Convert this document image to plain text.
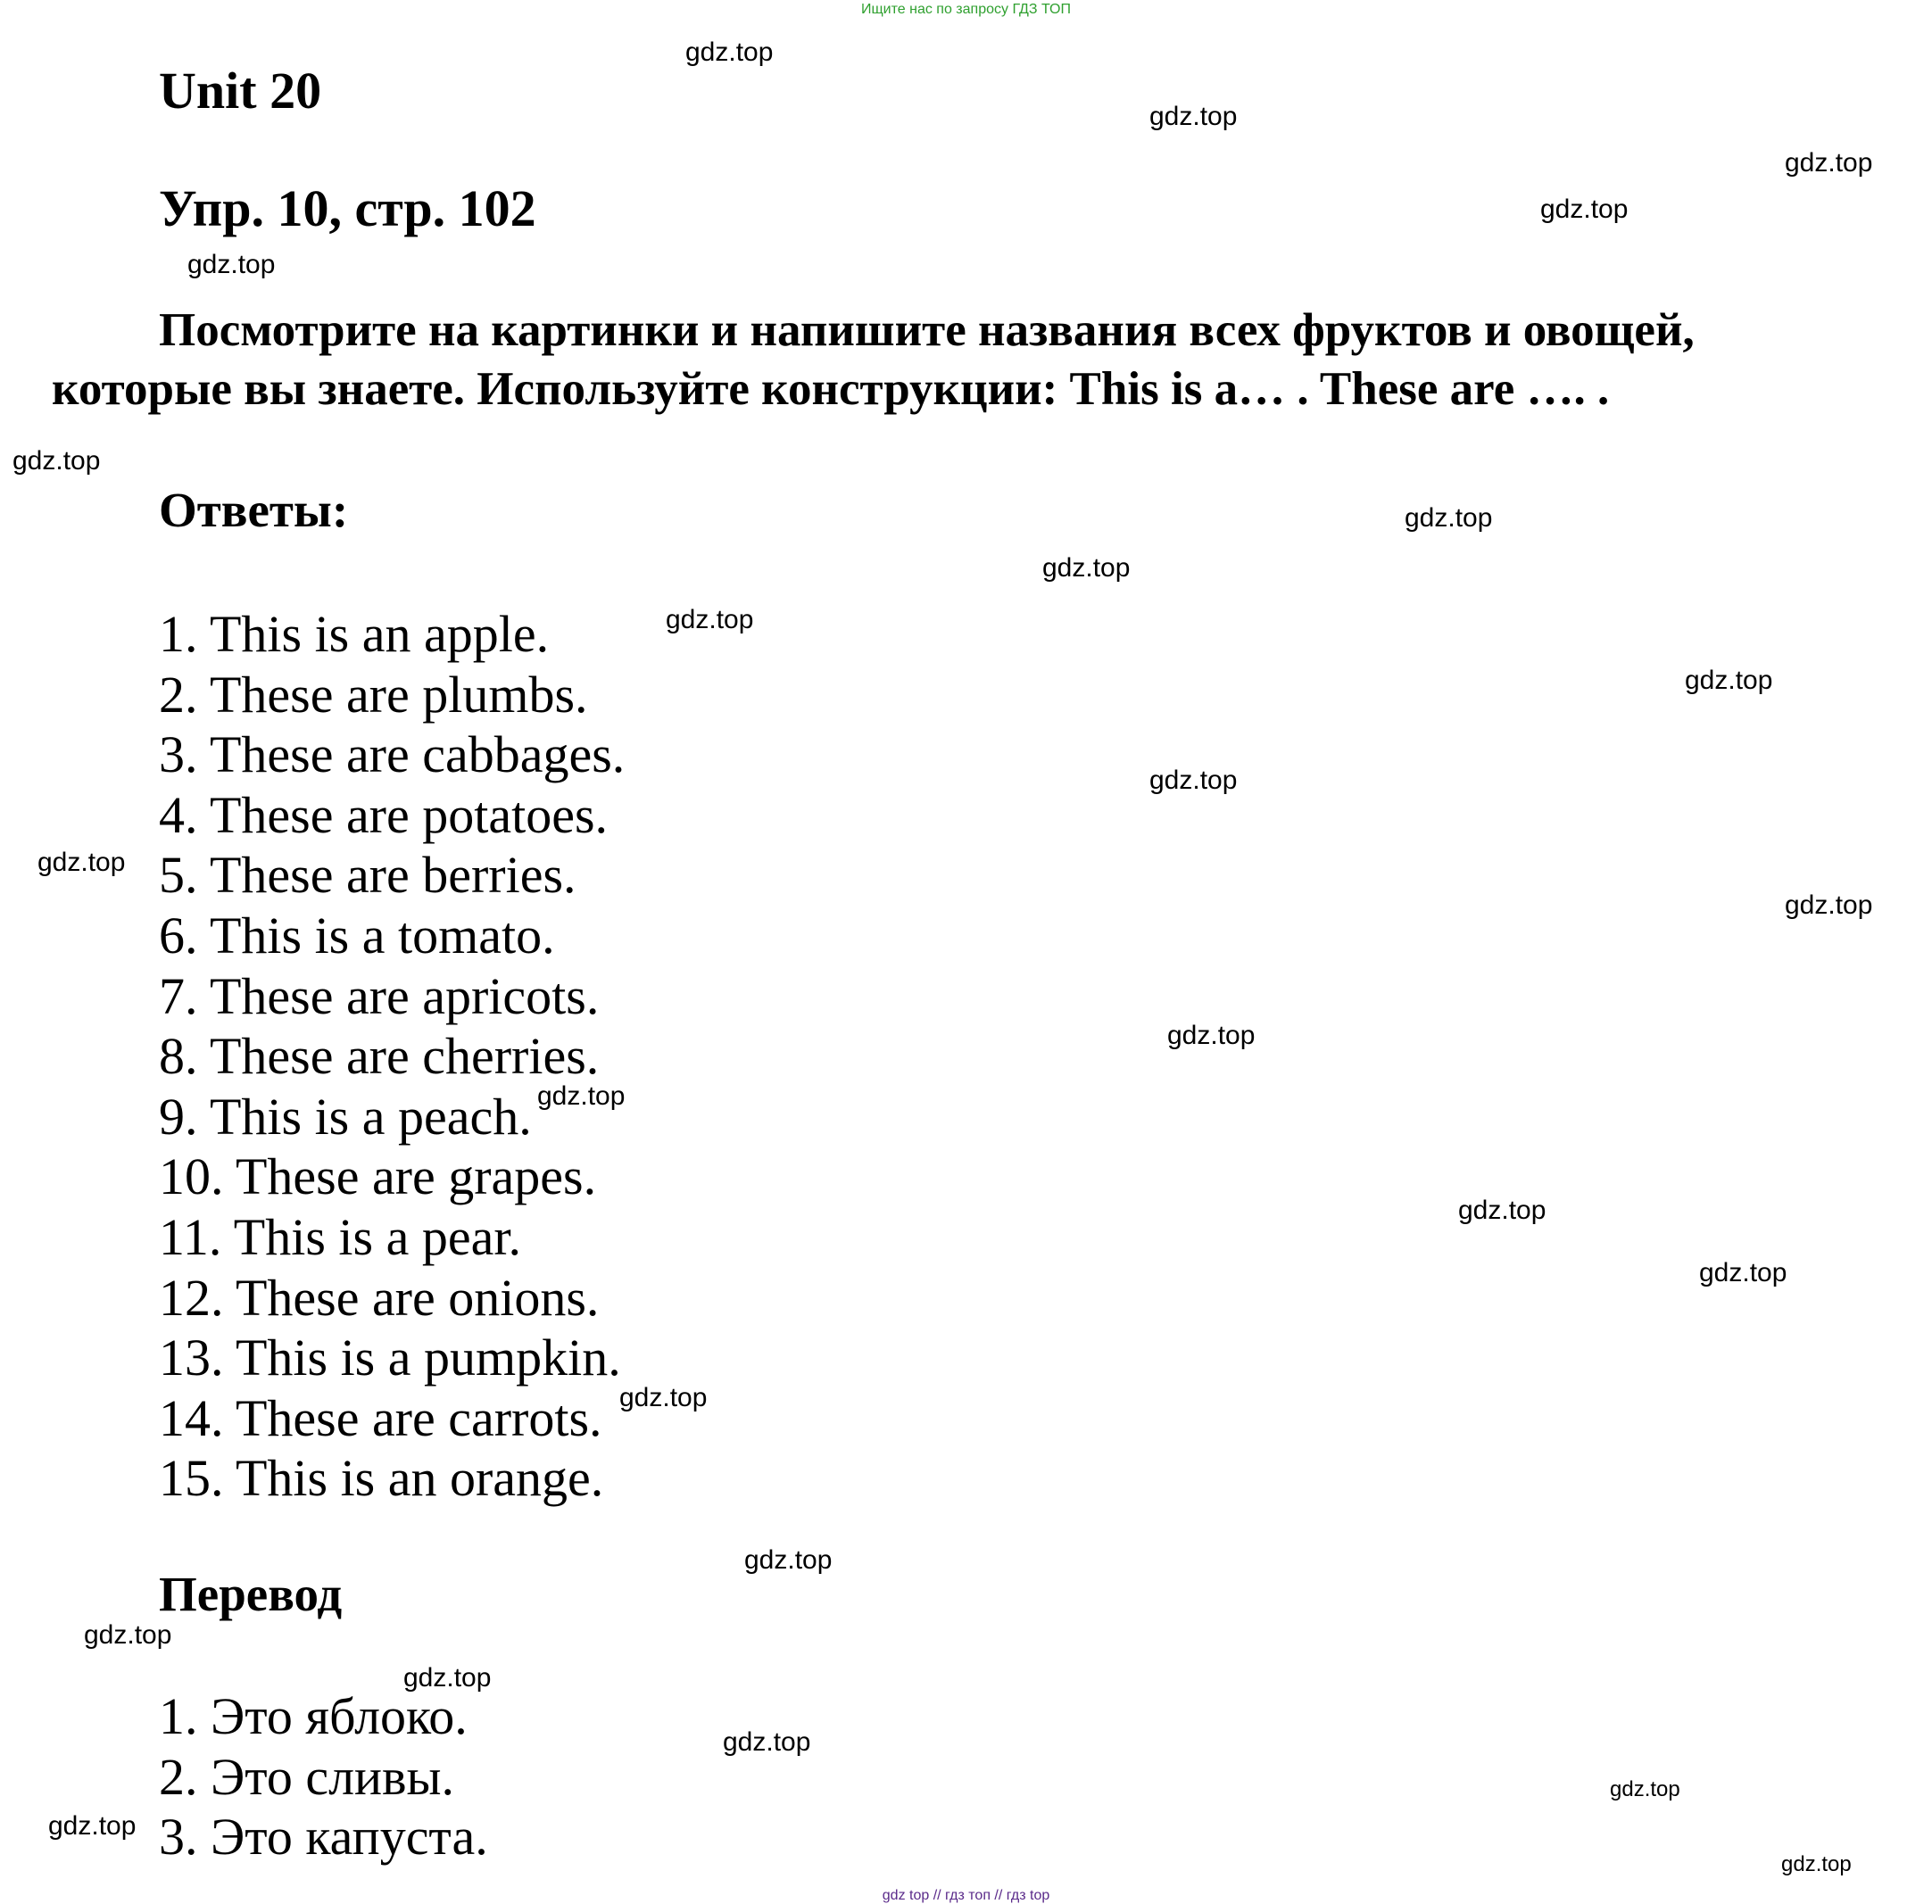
Ищите нас по запросу ГДЗ ТОП
Unit 20
Упр. 10, стр. 102
Посмотрите на картинки и напишите названия всех фруктов и овощей,
которые вы знаете. Используйте конструкции: This is a… . These are …. .
Ответы:
1. This is an apple.
2. These are plumbs.
3. These are cabbages.
4. These are potatoes.
5. These are berries.
6. This is a tomato.
7. These are apricots.
8. These are cherries.
9. This is a peach.
10. These are grapes.
11. This is a pear.
12. These are onions.
13. This is a pumpkin.
14. These are carrots.
15. This is an orange.
Перевод
1. Это яблоко.
2. Это сливы.
3. Это капуста.
gdz.top
gdz.top
gdz.top
gdz.top
gdz.top
gdz.top
gdz.top
gdz.top
gdz.top
gdz.top
gdz.top
gdz.top
gdz.top
gdz.top
gdz.top
gdz.top
gdz.top
gdz.top
gdz.top
gdz.top
gdz.top
gdz.top
gdz.top
gdz.top
gdz.top
gdz top // гдз топ // гдз top
